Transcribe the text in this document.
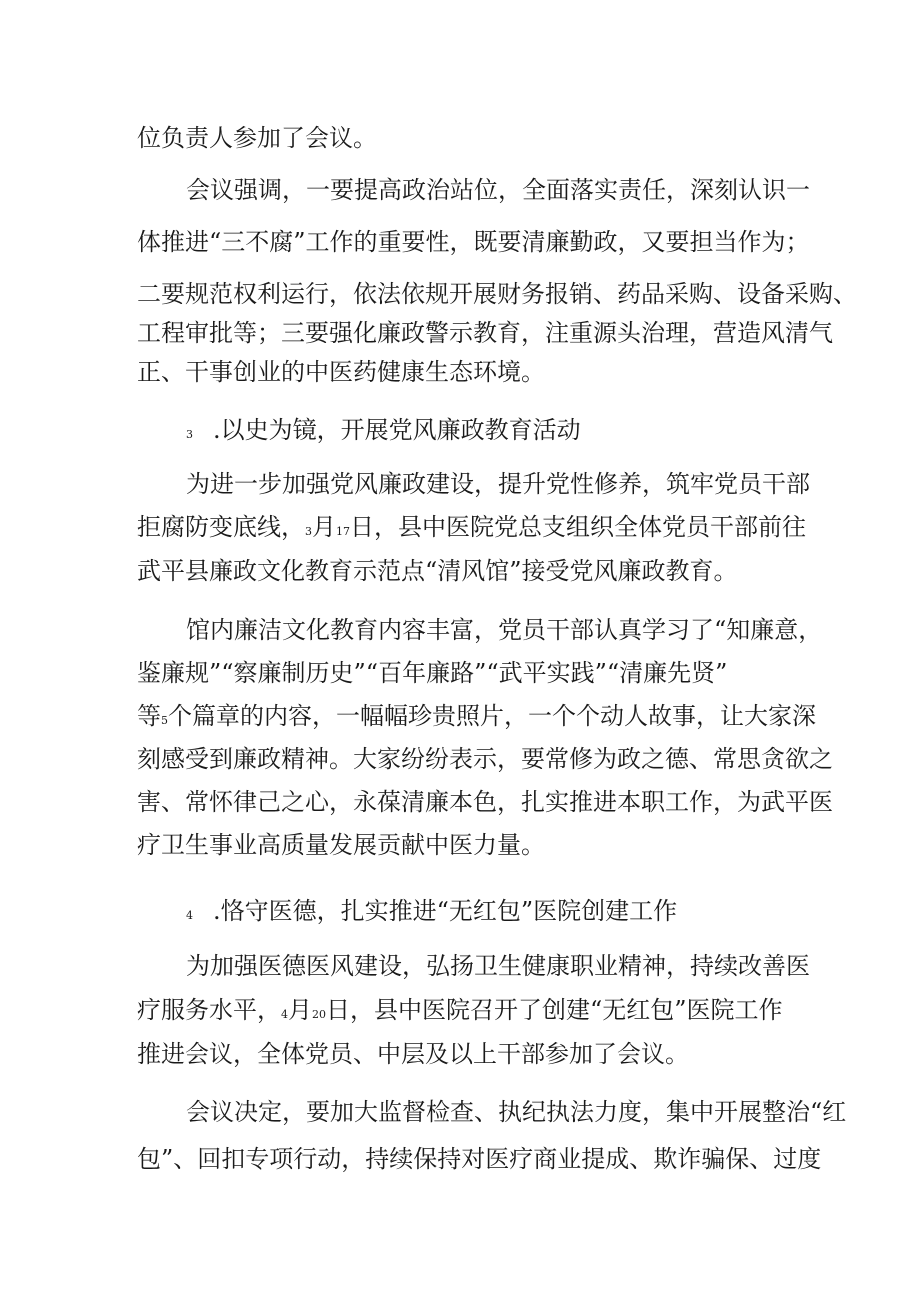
位负责人参加了会议。
会议强调，一要提高政治站位，全面落实责任，深刻认识一
体推进“三不腐”工作的重要性，既要清廉勤政，又要担当作为；
二要规范权利运行，依法依规开展财务报销、药品采购、设备采购、
工程审批等；三要强化廉政警示教育，注重源头治理，营造风清气
正、干事创业的中医药健康生态环境。
3 .以史为镜，开展党风廉政教育活动
为进一步加强党风廉政建设，提升党性修养，筑牢党员干部
拒腐防变底线，3月17日，县中医院党总支组织全体党员干部前往
武平县廉政文化教育示范点“清风馆”接受党风廉政教育。
馆内廉洁文化教育内容丰富，党员干部认真学习了“知廉意，
鉴廉规”“察廉制历史”“百年廉路”“武平实践”“清廉先贤”
等5个篇章的内容，一幅幅珍贵照片，一个个动人故事，让大家深
刻感受到廉政精神。大家纷纷表示，要常修为政之德、常思贪欲之
害、常怀律己之心，永葆清廉本色，扎实推进本职工作，为武平医
疗卫生事业高质量发展贡献中医力量。
4 .恪守医德，扎实推进“无红包”医院创建工作
为加强医德医风建设，弘扬卫生健康职业精神，持续改善医
疗服务水平，4月20日，县中医院召开了创建“无红包”医院工作
推进会议，全体党员、中层及以上干部参加了会议。
会议决定，要加大监督检查、执纪执法力度，集中开展整治“红
包”、回扣专项行动，持续保持对医疗商业提成、欺诈骗保、过度
